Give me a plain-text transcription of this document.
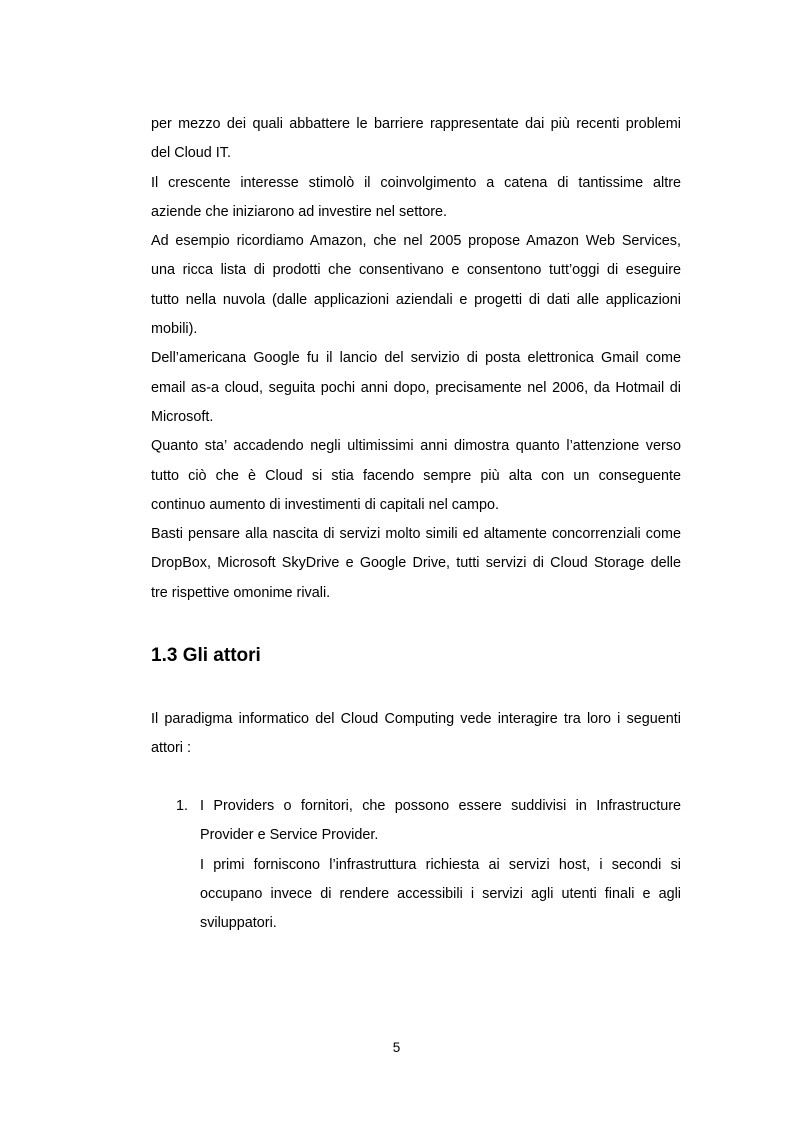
per mezzo dei quali abbattere le barriere rappresentate dai più recenti problemi
del Cloud IT.
Il crescente interesse stimolò il coinvolgimento a catena di tantissime altre
aziende che iniziarono ad investire nel settore.
Ad esempio ricordiamo Amazon, che nel 2005 propose Amazon Web Services,
una ricca lista di prodotti che consentivano e consentono tutt’oggi di eseguire
tutto nella nuvola (dalle applicazioni aziendali e progetti di dati alle applicazioni
mobili).
Dell’americana Google fu il lancio del servizio di posta elettronica Gmail come
email as-a cloud, seguita pochi anni dopo, precisamente nel 2006, da Hotmail di
Microsoft.
Quanto sta’ accadendo negli ultimissimi anni dimostra quanto l’attenzione verso
tutto ciò che è Cloud si stia facendo sempre più alta con un conseguente
continuo aumento di investimenti di capitali nel campo.
Basti pensare alla nascita di servizi molto simili ed altamente concorrenziali come
DropBox, Microsoft SkyDrive e Google Drive, tutti servizi di Cloud Storage delle
tre rispettive omonime rivali.
1.3 Gli attori
Il paradigma informatico del Cloud Computing vede interagire tra loro i seguenti
attori :
1. I Providers o fornitori, che possono essere suddivisi in Infrastructure
Provider e Service Provider.
I primi forniscono l’infrastruttura richiesta ai servizi host, i secondi si
occupano invece di rendere accessibili i servizi agli utenti finali e agli
sviluppatori.
5
